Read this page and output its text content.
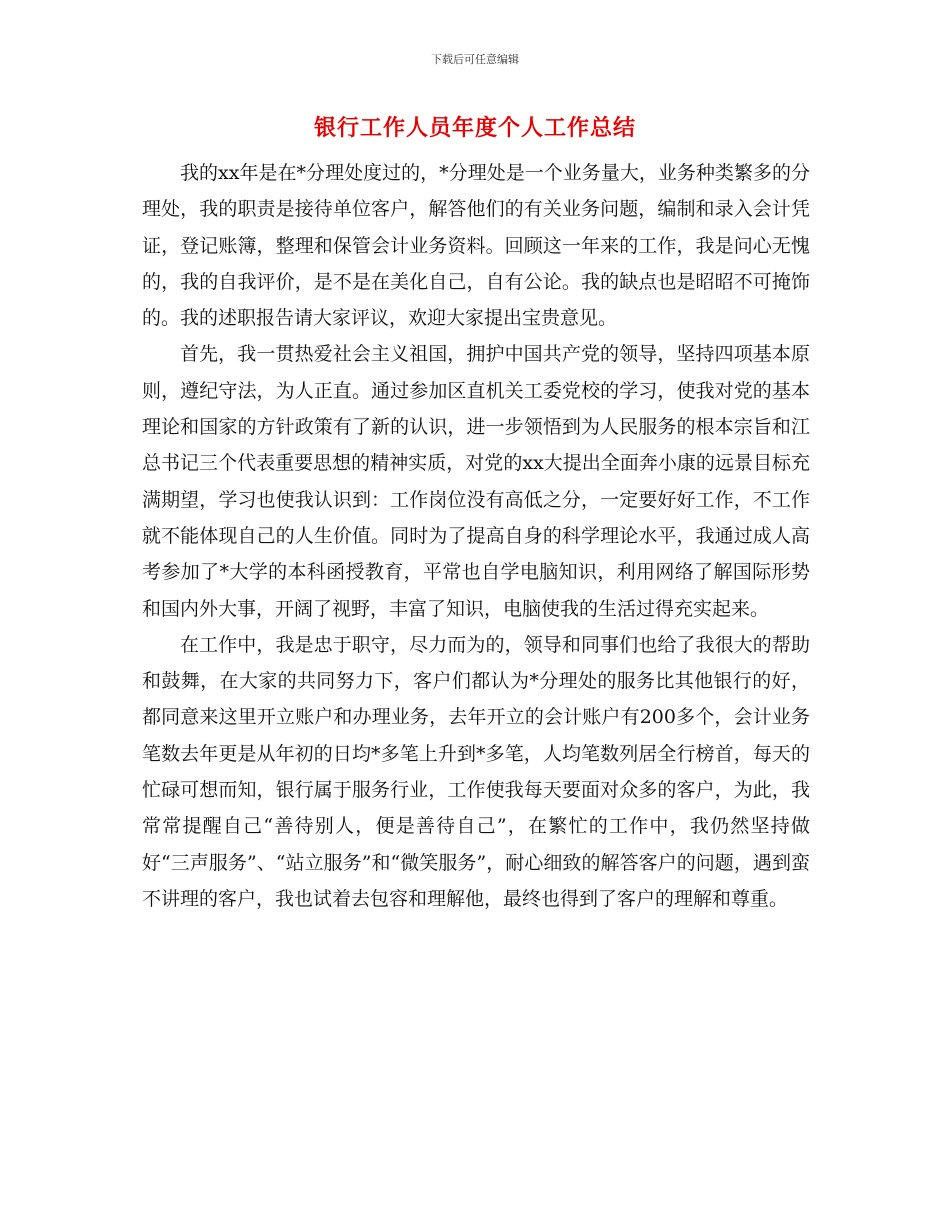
下载后可任意编辑
银行工作人员年度个人工作总结

我的xx年是在*分理处度过的，*分理处是一个业务量大，业务种类繁多的分理处，我的职责是接待单位客户，解答他们的有关业务问题，编制和录入会计凭证，登记账簿，整理和保管会计业务资料。回顾这一年来的工作，我是问心无愧的，我的自我评价，是不是在美化自己，自有公论。我的缺点也是昭昭不可掩饰的。我的述职报告请大家评议，欢迎大家提出宝贵意见。

首先，我一贯热爱社会主义祖国，拥护中国共产党的领导，坚持四项基本原则，遵纪守法，为人正直。通过参加区直机关工委党校的学习，使我对党的基本理论和国家的方针政策有了新的认识，进一步领悟到为人民服务的根本宗旨和江总书记三个代表重要思想的精神实质，对党的xx大提出全面奔小康的远景目标充满期望，学习也使我认识到：工作岗位没有高低之分，一定要好好工作，不工作就不能体现自己的人生价值。同时为了提高自身的科学理论水平，我通过成人高考参加了*大学的本科函授教育，平常也自学电脑知识，利用网络了解国际形势和国内外大事，开阔了视野，丰富了知识，电脑使我的生活过得充实起来。

在工作中，我是忠于职守，尽力而为的，领导和同事们也给了我很大的帮助和鼓舞，在大家的共同努力下，客户们都认为*分理处的服务比其他银行的好，都同意来这里开立账户和办理业务，去年开立的会计账户有200多个，会计业务笔数去年更是从年初的日均*多笔上升到*多笔，人均笔数列居全行榜首，每天的忙碌可想而知，银行属于服务行业，工作使我每天要面对众多的客户，为此，我常常提醒自己“善待别人，便是善待自己”，在繁忙的工作中，我仍然坚持做好“三声服务”、“站立服务”和“微笑服务”，耐心细致的解答客户的问题，遇到蛮不讲理的客户，我也试着去包容和理解他，最终也得到了客户的理解和尊重。
